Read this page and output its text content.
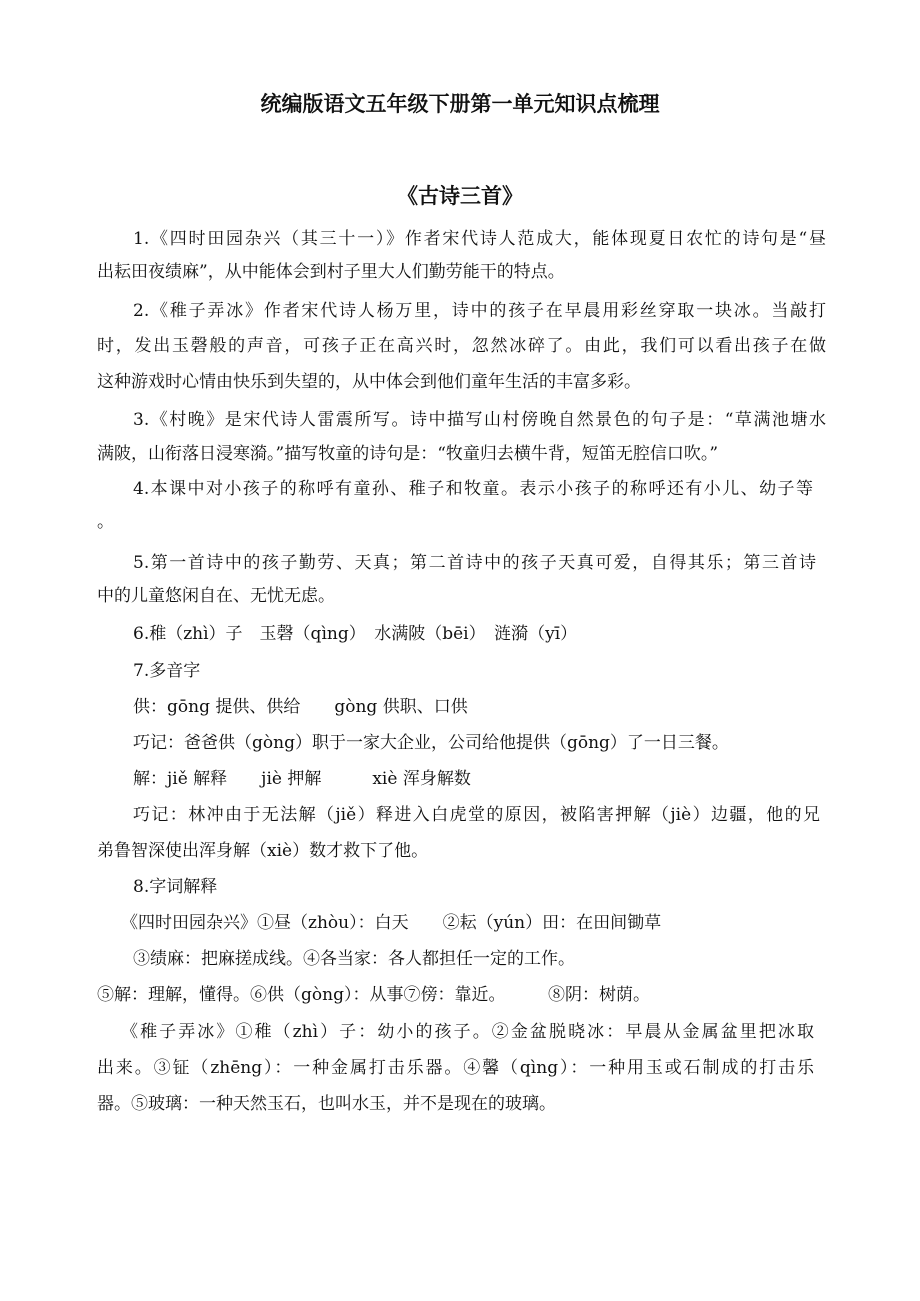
统编版语文五年级下册第一单元知识点梳理
《古诗三首》
1.《四时田园杂兴（其三十一）》作者宋代诗人范成大，能体现夏日农忙的诗句是“昼
出耘田夜绩麻”，从中能体会到村子里大人们勤劳能干的特点。
2.《稚子弄冰》作者宋代诗人杨万里，诗中的孩子在早晨用彩丝穿取一块冰。当敲打
时，发出玉磬般的声音，可孩子正在高兴时，忽然冰碎了。由此，我们可以看出孩子在做
这种游戏时心情由快乐到失望的，从中体会到他们童年生活的丰富多彩。
3.《村晚》是宋代诗人雷震所写。诗中描写山村傍晚自然景色的句子是：“草满池塘水
满陂，山衔落日浸寒漪。”描写牧童的诗句是：“牧童归去横牛背，短笛无腔信口吹。”
4.本课中对小孩子的称呼有童孙、稚子和牧童。表示小孩子的称呼还有小儿、幼子等
。
5.第一首诗中的孩子勤劳、天真；第二首诗中的孩子天真可爱，自得其乐；第三首诗
中的儿童悠闲自在、无忧无虑。
6.稚（zhì）子　玉磬（qìng）　水满陂（bēi）　涟漪（yī）
7.多音字
供：gōng 提供、供给　　gòng 供职、口供
巧记：爸爸供（gòng）职于一家大企业，公司给他提供（gōng）了一日三餐。
解：jiě 解释　　jiè 押解　　　xiè 浑身解数
巧记：林冲由于无法解（jiě）释进入白虎堂的原因，被陷害押解（jiè）边疆，他的兄
弟鲁智深使出浑身解（xiè）数才救下了他。
8.字词解释
《四时田园杂兴》①昼（zhòu）：白天　　②耘（yún）田：在田间锄草
③绩麻：把麻搓成线。④各当家：各人都担任一定的工作。
⑤解：理解，懂得。⑥供（gòng）：从事⑦傍：靠近。　　　⑧阴：树荫。
《稚子弄冰》①稚（zhì）子：幼小的孩子。②金盆脱晓冰：早晨从金属盆里把冰取
出来。③钲（zhēng）：一种金属打击乐器。④馨（qìng）：一种用玉或石制成的打击乐
器。⑤玻璃：一种天然玉石，也叫水玉，并不是现在的玻璃。
